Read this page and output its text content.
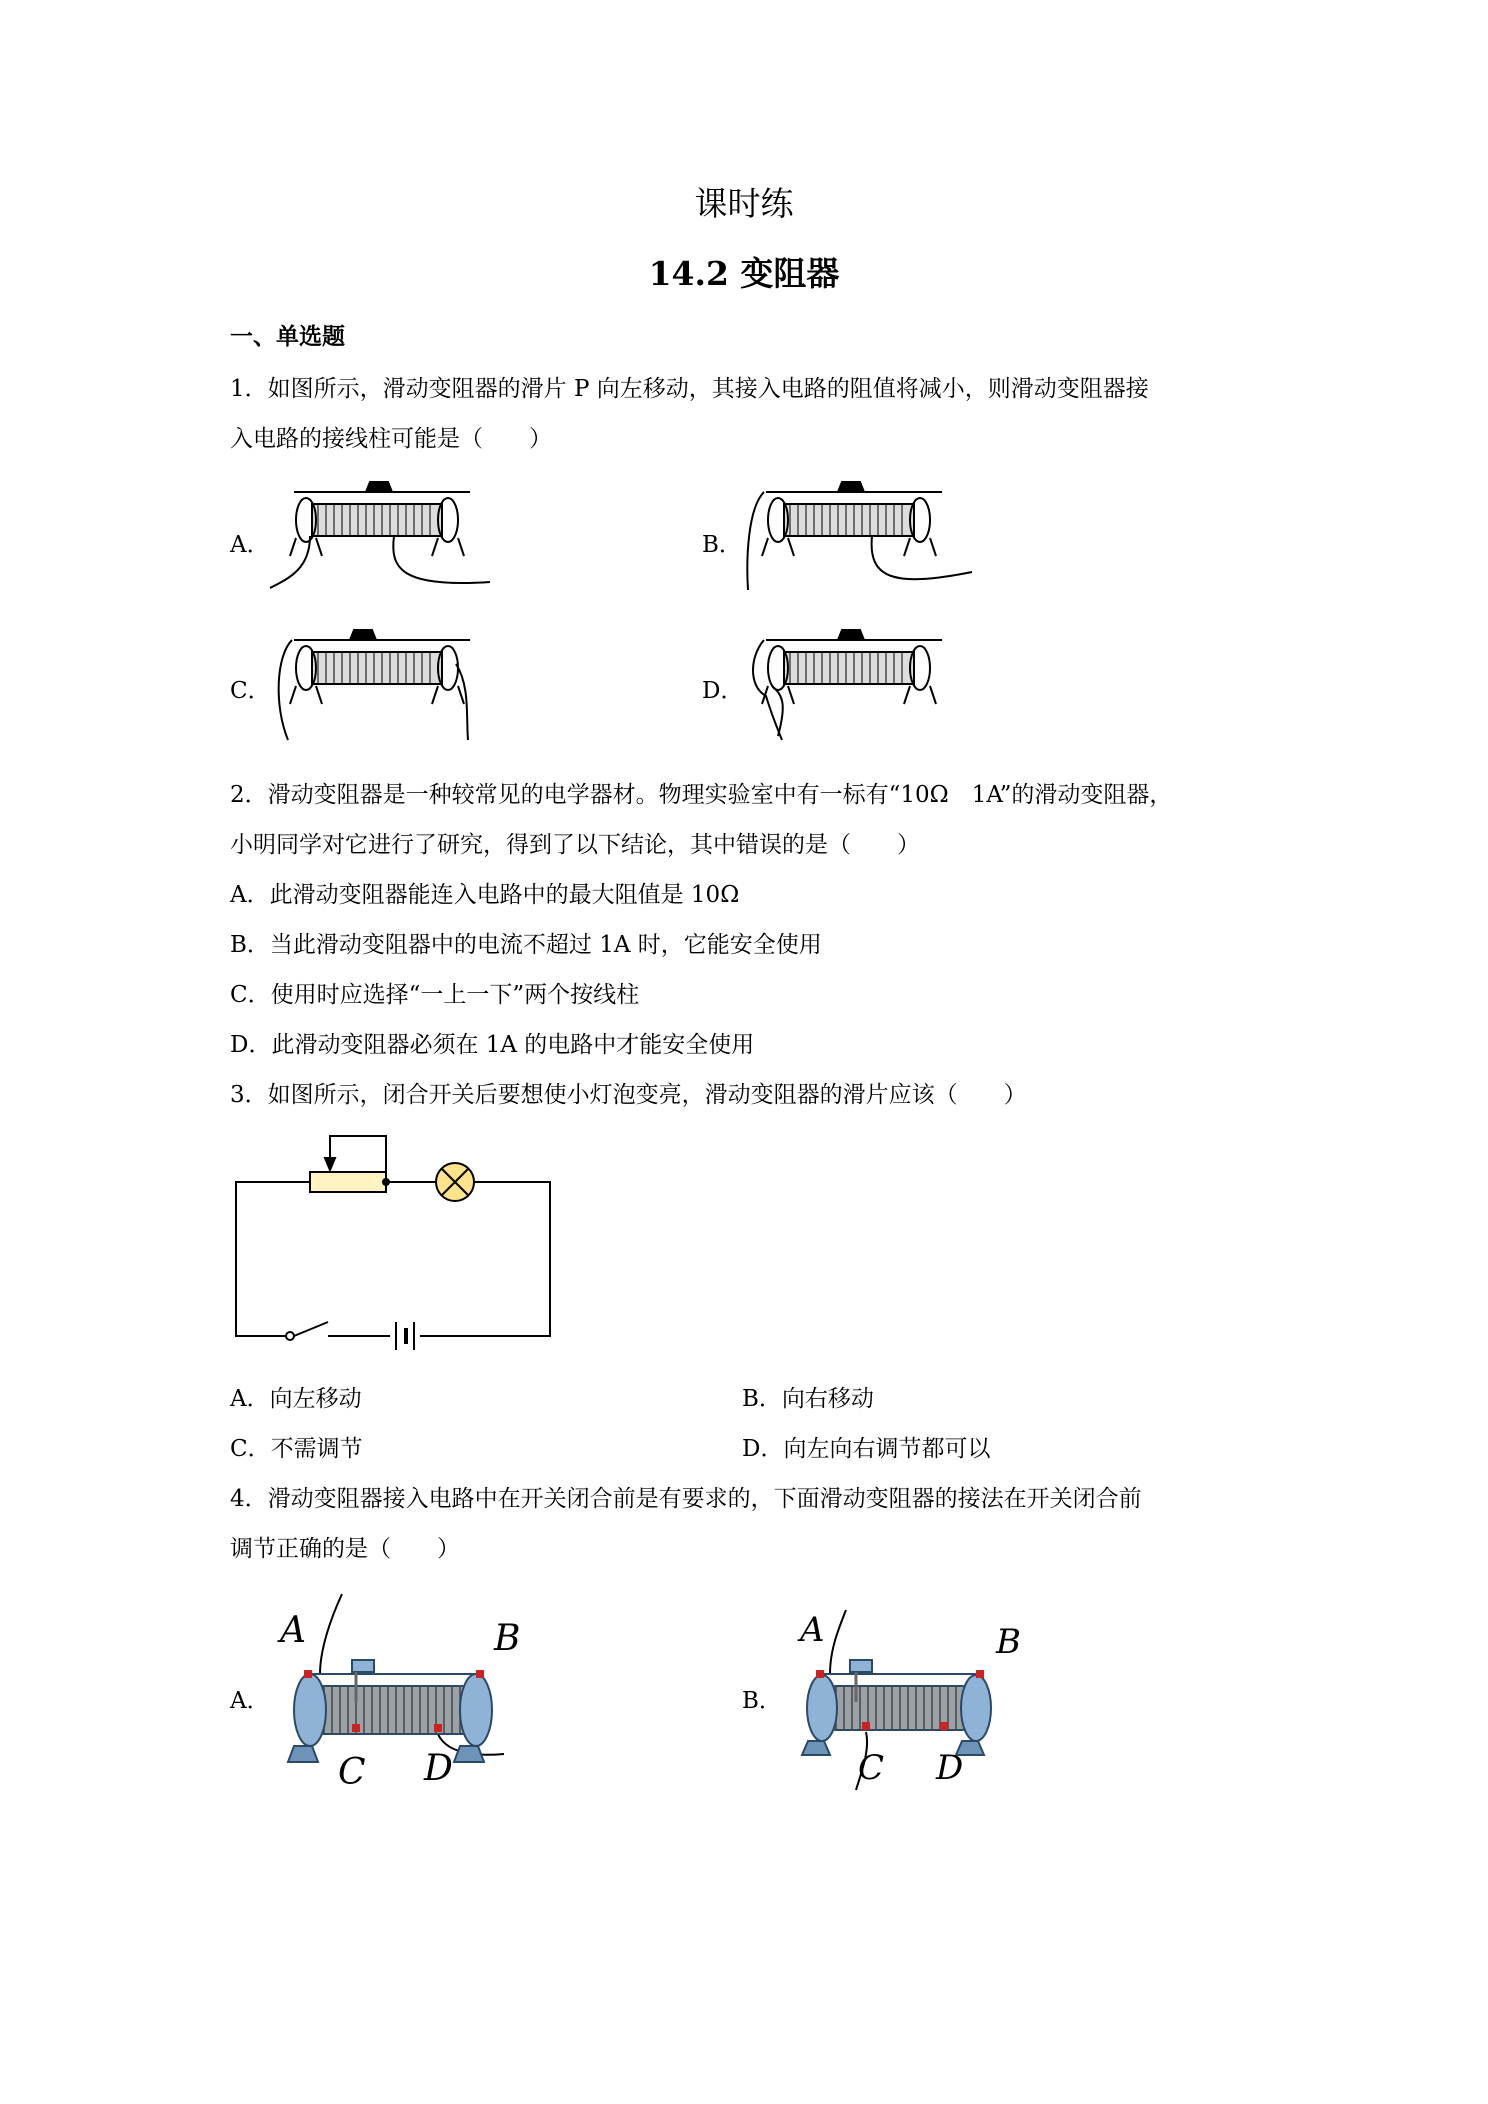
课时练
14.2 变阻器
一、单选题
1．如图所示，滑动变阻器的滑片 P 向左移动，其接入电路的阻值将减小，则滑动变阻器接
入电路的接线柱可能是（　　）
A．	B．
C．	D．
2．滑动变阻器是一种较常见的电学器材。物理实验室中有一标有“10Ω　1A”的滑动变阻器，
小明同学对它进行了研究，得到了以下结论，其中错误的是（　　）
A．此滑动变阻器能连入电路中的最大阻值是 10Ω
B．当此滑动变阻器中的电流不超过 1A 时，它能安全使用
C．使用时应选择“一上一下”两个按线柱
D．此滑动变阻器必须在 1A 的电路中才能安全使用
3．如图所示，闭合开关后要想使小灯泡变亮，滑动变阻器的滑片应该（　　）
A．向左移动	B．向右移动
C．不需调节	D．向左向右调节都可以
4．滑动变阻器接入电路中在开关闭合前是有要求的，下面滑动变阻器的接法在开关闭合前
调节正确的是（　　）
A．	B．
A	B
C D
A	B
C D
